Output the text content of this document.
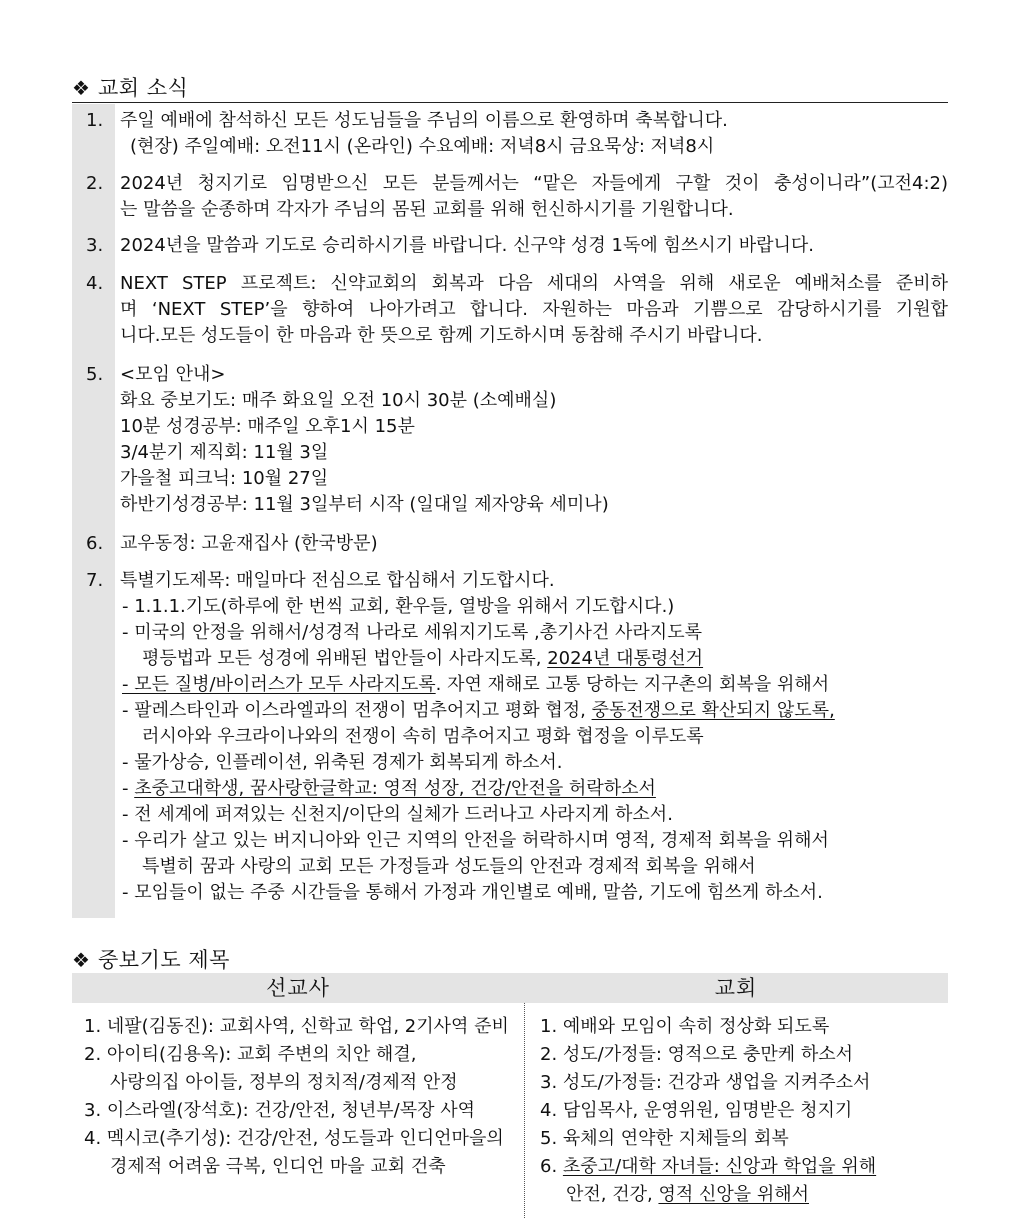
❖ 교회 소식
1. 주일 예배에 참석하신 모든 성도님들을 주님의 이름으로 환영하며 축복합니다.
(현장) 주일예배: 오전11시 (온라인) 수요예배: 저녁8시 금요묵상: 저녁8시
2. 2024년 청지기로 임명받으신 모든 분들께서는 “맡은 자들에게 구할 것이 충성이니라”(고전4:2)
는 말씀을 순종하며 각자가 주님의 몸된 교회를 위해 헌신하시기를 기원합니다.
3. 2024년을 말씀과 기도로 승리하시기를 바랍니다. 신구약 성경 1독에 힘쓰시기 바랍니다.
4. NEXT STEP 프로젝트: 신약교회의 회복과 다음 세대의 사역을 위해 새로운 예배처소를 준비하
며 ‘NEXT STEP’을 향하여 나아가려고 합니다. 자원하는 마음과 기쁨으로 감당하시기를 기원합
니다.모든 성도들이 한 마음과 한 뜻으로 함께 기도하시며 동참해 주시기 바랍니다.
5. <모임 안내>
화요 중보기도: 매주 화요일 오전 10시 30분 (소예배실)
10분 성경공부: 매주일 오후1시 15분
3/4분기 제직회: 11월 3일
가을철 피크닉: 10월 27일
하반기성경공부: 11월 3일부터 시작 (일대일 제자양육 세미나)
6. 교우동정: 고윤재집사 (한국방문)
7. 특별기도제목: 매일마다 전심으로 합심해서 기도합시다.
- 1.1.1.기도(하루에 한 번씩 교회, 환우들, 열방을 위해서 기도합시다.)
- 미국의 안정을 위해서/성경적 나라로 세워지기도록 ,총기사건 사라지도록
평등법과 모든 성경에 위배된 법안들이 사라지도록, 2024년 대통령선거
- 모든 질병/바이러스가 모두 사라지도록. 자연 재해로 고통 당하는 지구촌의 회복을 위해서
- 팔레스타인과 이스라엘과의 전쟁이 멈추어지고 평화 협정, 중동전쟁으로 확산되지 않도록,
러시아와 우크라이나와의 전쟁이 속히 멈추어지고 평화 협정을 이루도록
- 물가상승, 인플레이션, 위축된 경제가 회복되게 하소서.
- 초중고대학생, 꿈사랑한글학교: 영적 성장, 건강/안전을 허락하소서
- 전 세계에 퍼져있는 신천지/이단의 실체가 드러나고 사라지게 하소서.
- 우리가 살고 있는 버지니아와 인근 지역의 안전을 허락하시며 영적, 경제적 회복을 위해서
특별히 꿈과 사랑의 교회 모든 가정들과 성도들의 안전과 경제적 회복을 위해서
- 모임들이 없는 주중 시간들을 통해서 가정과 개인별로 예배, 말씀, 기도에 힘쓰게 하소서.
❖ 중보기도 제목
선교사	교회
1. 네팔(김동진): 교회사역, 신학교 학업, 2기사역 준비
2. 아이티(김용옥): 교회 주변의 치안 해결,
사랑의집 아이들, 정부의 정치적/경제적 안정
3. 이스라엘(장석호): 건강/안전, 청년부/목장 사역
4. 멕시코(추기성): 건강/안전, 성도들과 인디언마을의
경제적 어려움 극복, 인디언 마을 교회 건축
1. 예배와 모임이 속히 정상화 되도록
2. 성도/가정들: 영적으로 충만케 하소서
3. 성도/가정들: 건강과 생업을 지켜주소서
4. 담임목사, 운영위원, 임명받은 청지기
5. 육체의 연약한 지체들의 회복
6. 초중고/대학 자녀들: 신앙과 학업을 위해
안전, 건강, 영적 신앙을 위해서
